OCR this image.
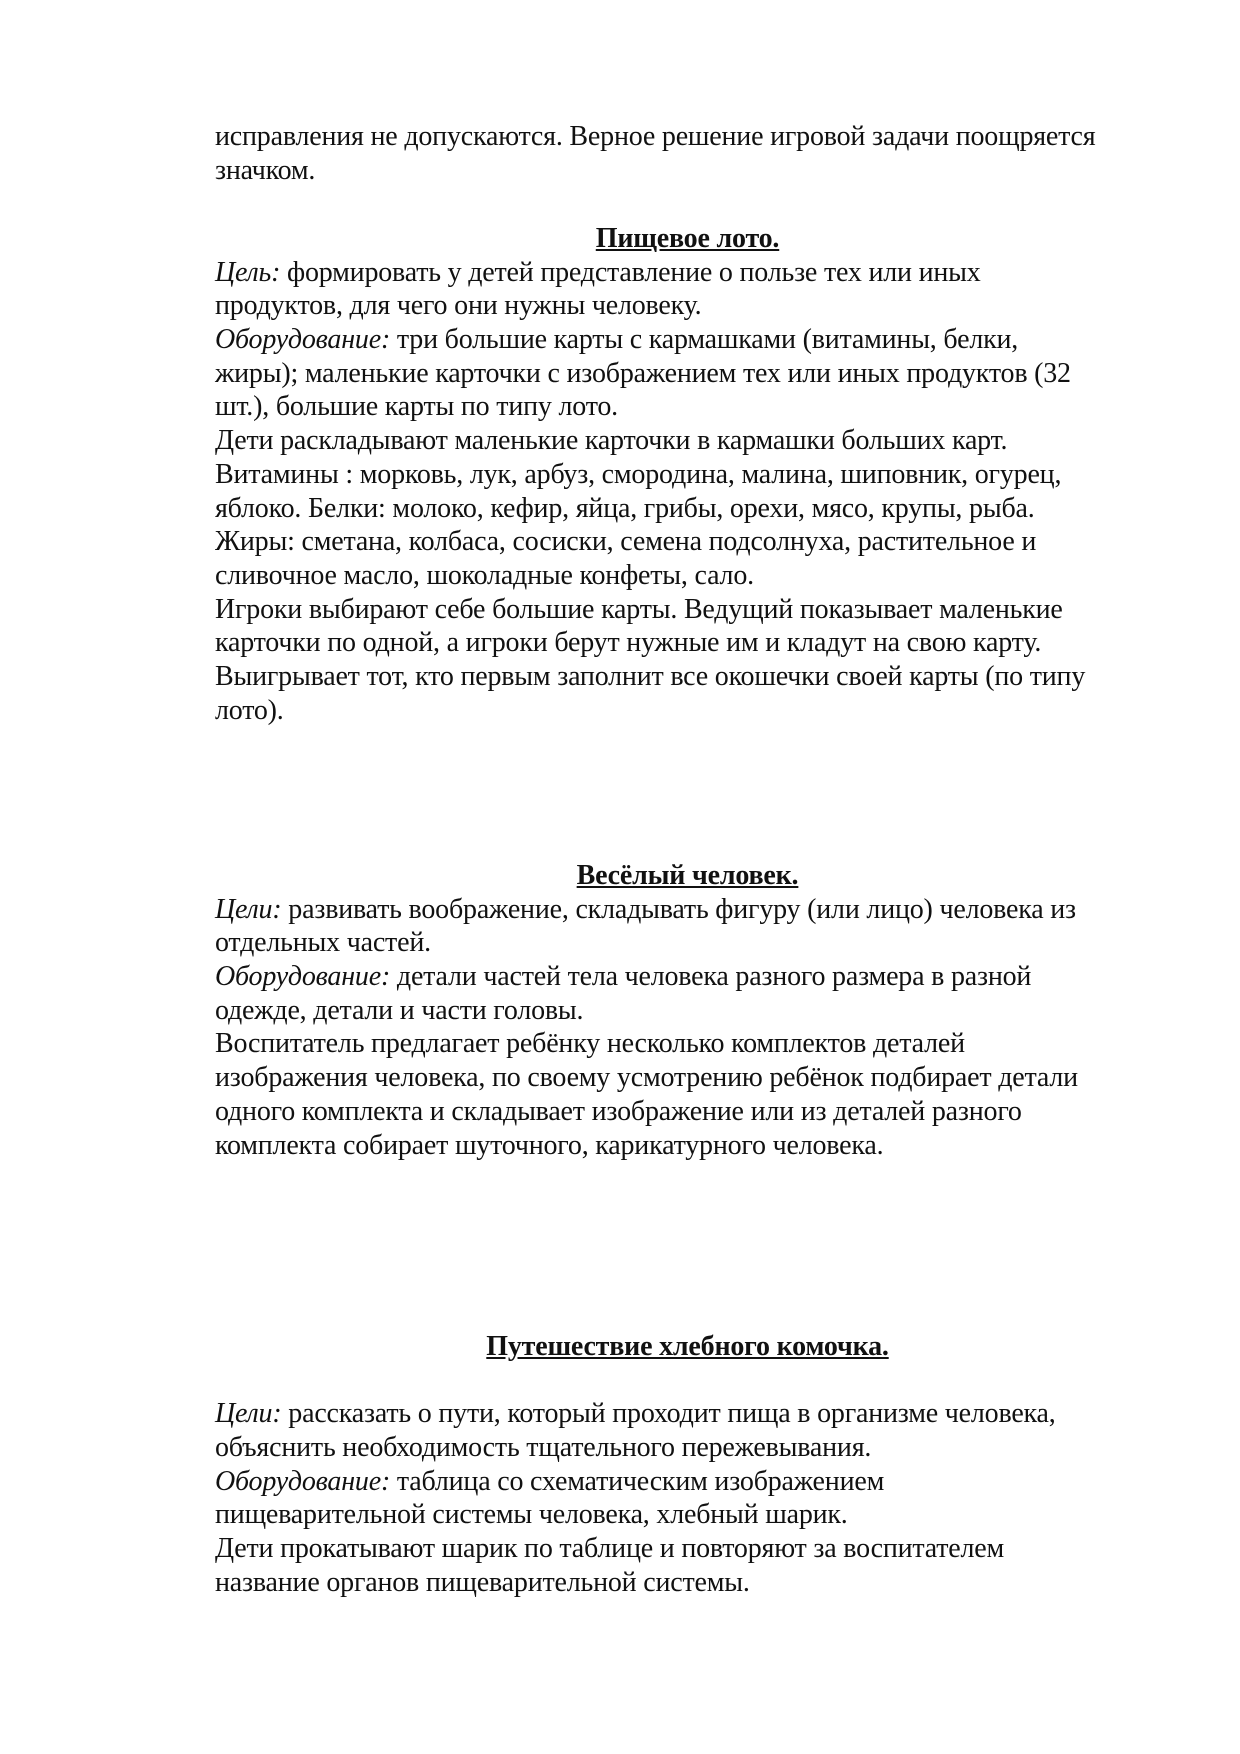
исправления не допускаются. Верное решение игровой задачи поощряется
значком.
Пищевое лото.
Цель: формировать у детей представление о пользе тех или иных
продуктов, для чего они нужны человеку.
Оборудование: три большие карты с кармашками (витамины, белки,
жиры); маленькие карточки с изображением тех или иных продуктов (32
шт.), большие карты по типу лото.
Дети раскладывают маленькие карточки в кармашки больших карт.
Витамины : морковь, лук, арбуз, смородина, малина, шиповник, огурец,
яблоко. Белки: молоко, кефир, яйца, грибы, орехи, мясо, крупы, рыба.
Жиры: сметана, колбаса, сосиски, семена подсолнуха, растительное и
сливочное масло, шоколадные конфеты, сало.
Игроки выбирают себе большие карты. Ведущий показывает маленькие
карточки по одной, а игроки берут нужные им и кладут на свою карту.
Выигрывает тот, кто первым заполнит все окошечки своей карты (по типу
лото).
Весёлый человек.
Цели: развивать воображение, складывать фигуру (или лицо) человека из
отдельных частей.
Оборудование: детали частей тела человека разного размера в разной
одежде, детали и части головы.
Воспитатель предлагает ребёнку несколько комплектов деталей
изображения человека, по своему усмотрению ребёнок подбирает детали
одного комплекта и складывает изображение или из деталей разного
комплекта собирает шуточного, карикатурного человека.
Путешествие хлебного комочка.
Цели: рассказать о пути, который проходит пища в организме человека,
объяснить необходимость тщательного пережевывания.
Оборудование: таблица со схематическим изображением
пищеварительной системы человека, хлебный шарик.
Дети прокатывают шарик по таблице и повторяют за воспитателем
название органов пищеварительной системы.
